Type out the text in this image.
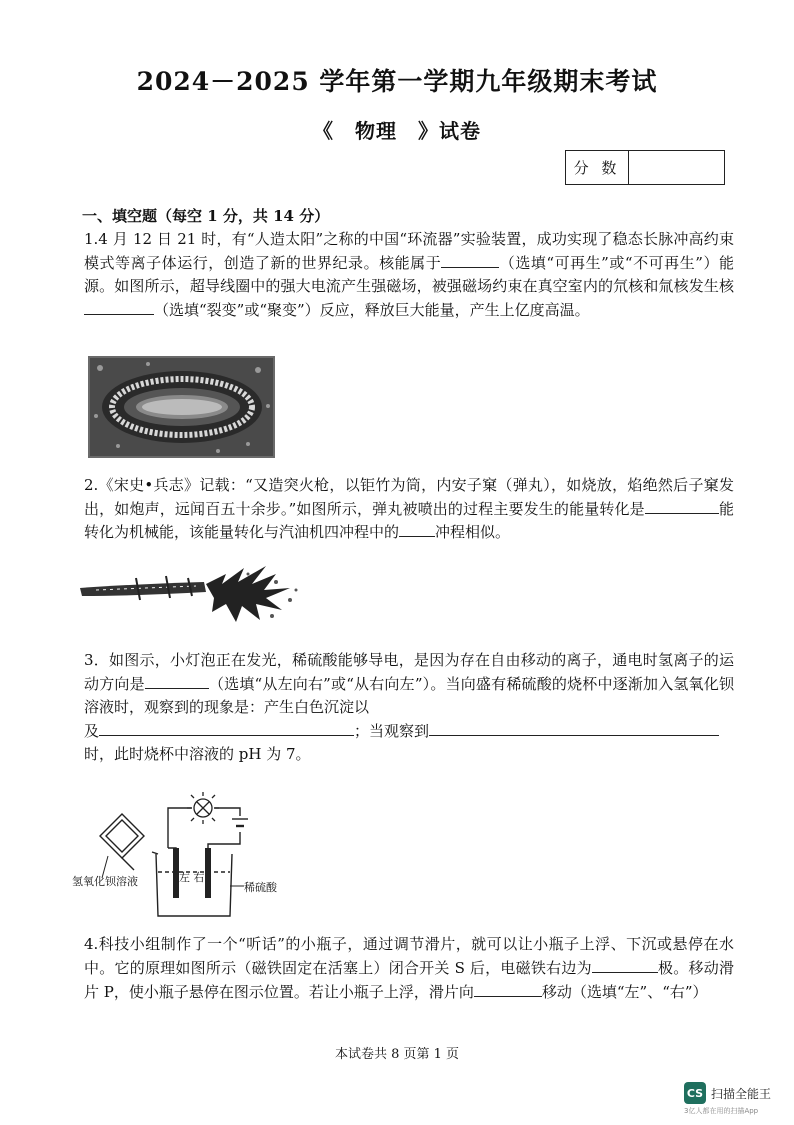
2024－2025 学年第一学期九年级期末考试
《　物理　》试卷
分 数
一、填空题（每空 1 分，共 14 分）
1.4 月 12 日 21 时，有“人造太阳”之称的中国“环流器”实验装置，成功实现了稳态长脉冲高约束模式等离子体运行，创造了新的世界纪录。核能属于	（选填“可再生”或“不可再生”）能源。如图所示，超导线圈中的强大电流产生强磁场，被强磁场约束在真空室内的氘核和氚核发生核（选填“裂变”或“聚变”）反应，释放巨大能量，产生上亿度高温。
2.《宋史•兵志》记载：“又造突火枪，以钜竹为筒，内安子窠（弹丸），如烧放，焰绝然后子窠发出，如炮声，远闻百五十余步。”如图所示，弹丸被喷出的过程主要发生的能量转化是	能转化为机械能，该能量转化与汽油机四冲程中的 冲程相似。
3．如图示，小灯泡正在发光，稀硫酸能够导电，是因为存在自由移动的离子，通电时氢离子的运动方向是	（选填“从左向右”或“从右向左”）。当向盛有稀硫酸的烧杯中逐渐加入氢氧化钡溶液时，观察到的现象是：产生白色沉淀以
及	；当观察到
时，此时烧杯中溶液的 pH 为 7。
氢氧化钡溶液	左 右
稀硫酸
4.科技小组制作了一个“听话”的小瓶子，通过调节滑片，就可以让小瓶子上浮、下沉或悬停在水中。它的原理如图所示（磁铁固定在活塞上）闭合开关 S 后，电磁铁右边为	极。移动滑片 P，使小瓶子悬停在图示位置。若让小瓶子上浮，滑片向	移动（选填“左”、“右”）
本试卷共 8 页第 1 页
CS 扫描全能王
3亿人都在用的扫描App
